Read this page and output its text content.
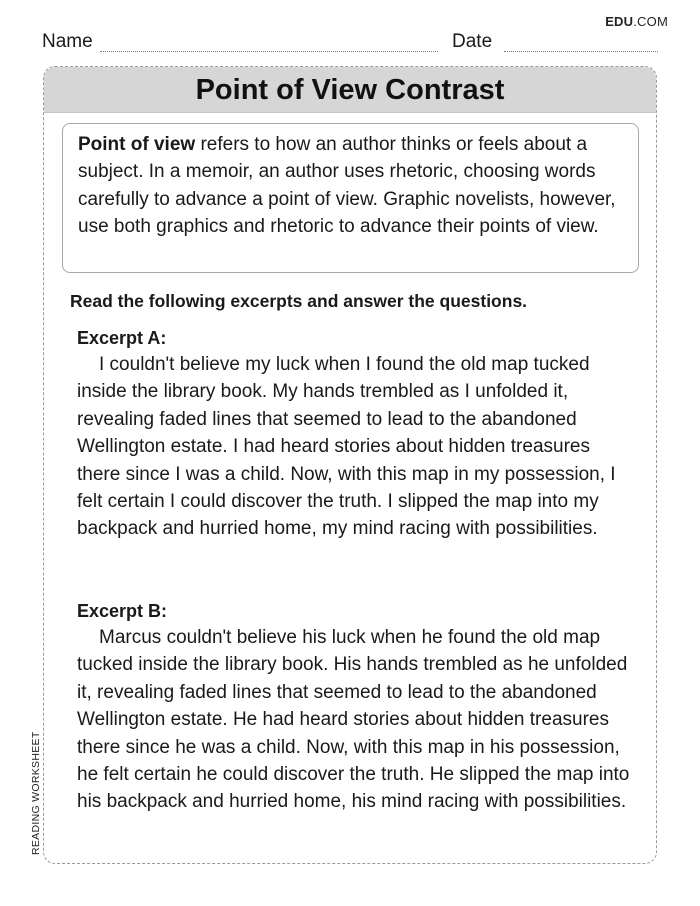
EDU.COM
Name	Date
Point of View Contrast
Point of view refers to how an author thinks or feels about a subject. In a memoir, an author uses rhetoric, choosing words carefully to advance a point of view. Graphic novelists, however, use both graphics and rhetoric to advance their points of view.
Read the following excerpts and answer the questions.
Excerpt A:

I couldn't believe my luck when I found the old map tucked inside the library book. My hands trembled as I unfolded it, revealing faded lines that seemed to lead to the abandoned Wellington estate. I had heard stories about hidden treasures there since I was a child. Now, with this map in my possession, I felt certain I could discover the truth. I slipped the map into my backpack and hurried home, my mind racing with possibilities.

Excerpt B:

Marcus couldn't believe his luck when he found the old map tucked inside the library book. His hands trembled as he unfolded it, revealing faded lines that seemed to lead to the abandoned Wellington estate. He had heard stories about hidden treasures there since he was a child. Now, with this map in his possession, he felt certain he could discover the truth. He slipped the map into his backpack and hurried home, his mind racing with possibilities.

READING WORKSHEET
